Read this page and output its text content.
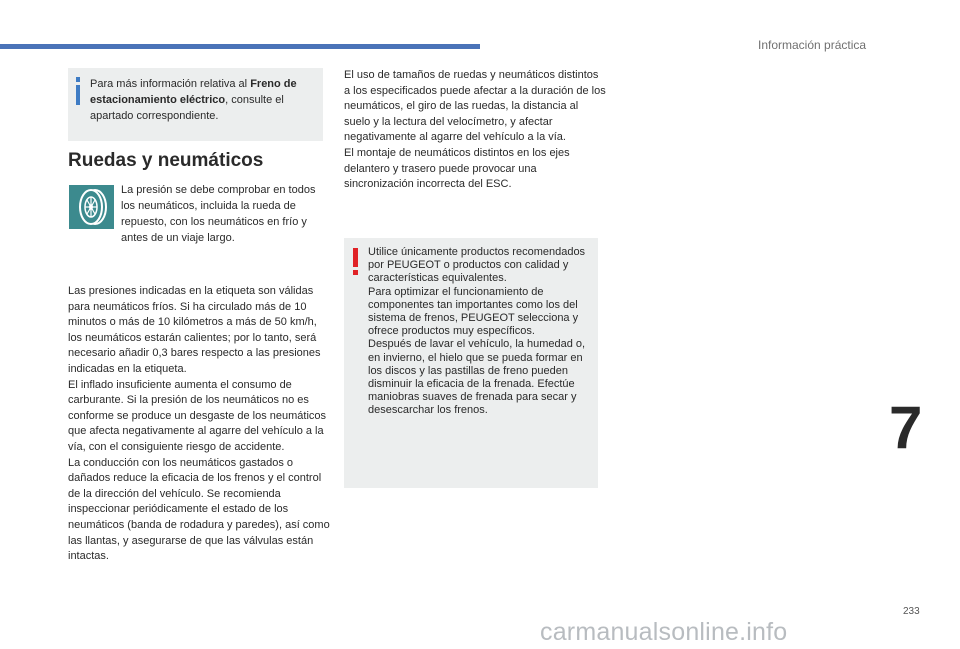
Información práctica
Para más información relativa al Freno de estacionamiento eléctrico, consulte el apartado correspondiente.
Ruedas y neumáticos
La presión se debe comprobar en todos los neumáticos, incluida la rueda de repuesto, con los neumáticos en frío y antes de un viaje largo.

Las presiones indicadas en la etiqueta son válidas para neumáticos fríos. Si ha circulado más de 10 minutos o más de 10 kilómetros a más de 50 km/h, los neumáticos estarán calientes; por lo tanto, será necesario añadir 0,3 bares respecto a las presiones indicadas en la etiqueta.

El inflado insuficiente aumenta el consumo de carburante. Si la presión de los neumáticos no es conforme se produce un desgaste de los neumáticos que afecta negativamente al agarre del vehículo a la vía, con el consiguiente riesgo de accidente.

La conducción con los neumáticos gastados o dañados reduce la eficacia de los frenos y el control de la dirección del vehículo. Se recomienda inspeccionar periódicamente el estado de los neumáticos (banda de rodadura y paredes), así como las llantas, y asegurarse de que las válvulas están intactas.

El uso de tamaños de ruedas y neumáticos distintos a los especificados puede afectar a la duración de los neumáticos, el giro de las ruedas, la distancia al suelo y la lectura del velocímetro, y afectar negativamente al agarre del vehículo a la vía.

El montaje de neumáticos distintos en los ejes delantero y trasero puede provocar una sincronización incorrecta del ESC.

Utilice únicamente productos recomendados por PEUGEOT o productos con calidad y características equivalentes.

Para optimizar el funcionamiento de componentes tan importantes como los del sistema de frenos, PEUGEOT selecciona y ofrece productos muy específicos.

Después de lavar el vehículo, la humedad o, en invierno, el hielo que se pueda formar en los discos y las pastillas de freno pueden disminuir la eficacia de la frenada. Efectúe maniobras suaves de frenada para secar y desescarchar los frenos.	7
233
carmanualsonline.info
